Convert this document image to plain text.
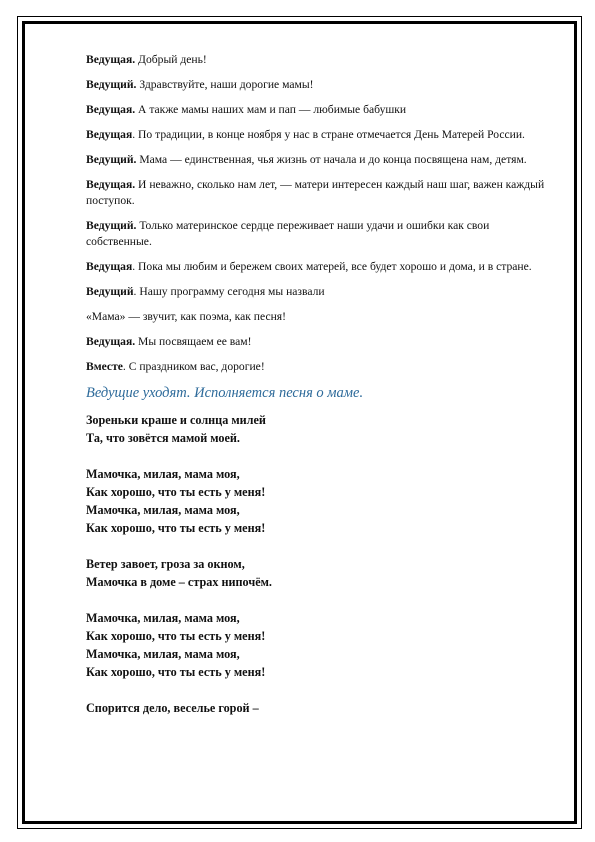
Ведущая. Добрый день!

Ведущий. Здравствуйте, наши дорогие мамы!

Ведущая. А также мамы наших мам и пап — любимые бабушки

Ведущая. По традиции, в конце ноября у нас в стране отмечается День Матерей России.

Ведущий. Мама — единственная, чья жизнь от начала и до конца посвящена нам, детям.

Ведущая. И неважно, сколько нам лет, — матери интересен каждый наш шаг, важен каждый поступок.

Ведущий. Только материнское сердце переживает наши удачи и ошибки как свои собственные.

Ведущая. Пока мы любим и бережем своих матерей, все будет хорошо и дома, и в стране.

Ведущий. Нашу программу сегодня мы назвали

«Мама» — звучит, как поэма, как песня!

Ведущая. Мы посвящаем ее вам!

Вместе. С праздником вас, дорогие!

Ведущие уходят. Исполняется песня о маме.

Зореньки краше и солнца милей
Та, что зовётся мамой моей.
Мамочка, милая, мама моя,
Как хорошо, что ты есть у меня!
Мамочка, милая, мама моя,
Как хорошо, что ты есть у меня!
Ветер завоет, гроза за окном,
Мамочка в доме – страх нипочём.
Мамочка, милая, мама моя,
Как хорошо, что ты есть у меня!
Мамочка, милая, мама моя,
Как хорошо, что ты есть у меня!
Спорится дело, веселье горой –
